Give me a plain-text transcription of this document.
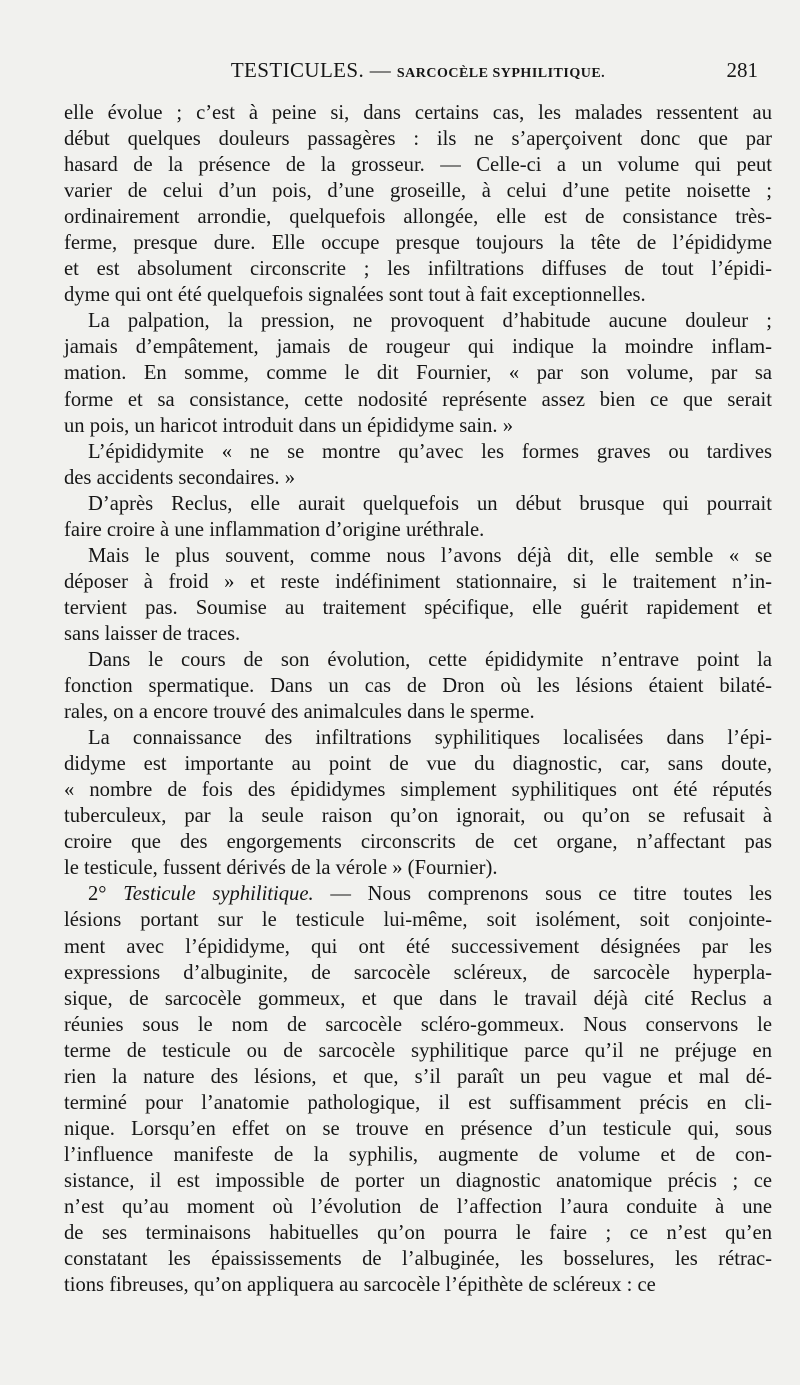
TESTICULES. — SARCOCÈLE SYPHILITIQUE.	281

elle évolue ; c’est à peine si, dans certains cas, les malades ressentent au
début quelques douleurs passagères : ils ne s’aperçoivent donc que par
hasard de la présence de la grosseur. — Celle-ci a un volume qui peut
varier de celui d’un pois, d’une groseille, à celui d’une petite noisette ;
ordinairement arrondie, quelquefois allongée, elle est de consistance très-
ferme, presque dure. Elle occupe presque toujours la tête de l’épididyme
et est absolument circonscrite ; les infiltrations diffuses de tout l’épidi-
dyme qui ont été quelquefois signalées sont tout à fait exceptionnelles.

La palpation, la pression, ne provoquent d’habitude aucune douleur ;
jamais d’empâtement, jamais de rougeur qui indique la moindre inflam-
mation. En somme, comme le dit Fournier, « par son volume, par sa
forme et sa consistance, cette nodosité représente assez bien ce que serait
un pois, un haricot introduit dans un épididyme sain. »

L’épididymite « ne se montre qu’avec les formes graves ou tardives
des accidents secondaires. »

D’après Reclus, elle aurait quelquefois un début brusque qui pourrait
faire croire à une inflammation d’origine uréthrale.

Mais le plus souvent, comme nous l’avons déjà dit, elle semble « se
déposer à froid » et reste indéfiniment stationnaire, si le traitement n’in-
tervient pas. Soumise au traitement spécifique, elle guérit rapidement et
sans laisser de traces.

Dans le cours de son évolution, cette épididymite n’entrave point la
fonction spermatique. Dans un cas de Dron où les lésions étaient bilaté-
rales, on a encore trouvé des animalcules dans le sperme.

La connaissance des infiltrations syphilitiques localisées dans l’épi-
didyme est importante au point de vue du diagnostic, car, sans doute,
« nombre de fois des épididymes simplement syphilitiques ont été réputés
tuberculeux, par la seule raison qu’on ignorait, ou qu’on se refusait à
croire que des engorgements circonscrits de cet organe, n’affectant pas
le testicule, fussent dérivés de la vérole » (Fournier).

2° Testicule syphilitique. — Nous comprenons sous ce titre toutes les
lésions portant sur le testicule lui-même, soit isolément, soit conjointe-
ment avec l’épididyme, qui ont été successivement désignées par les
expressions d’albuginite, de sarcocèle scléreux, de sarcocèle hyperpla-
sique, de sarcocèle gommeux, et que dans le travail déjà cité Reclus a
réunies sous le nom de sarcocèle scléro-gommeux. Nous conservons le
terme de testicule ou de sarcocèle syphilitique parce qu’il ne préjuge en
rien la nature des lésions, et que, s’il paraît un peu vague et mal dé-
terminé pour l’anatomie pathologique, il est suffisamment précis en cli-
nique. Lorsqu’en effet on se trouve en présence d’un testicule qui, sous
l’influence manifeste de la syphilis, augmente de volume et de con-
sistance, il est impossible de porter un diagnostic anatomique précis ; ce
n’est qu’au moment où l’évolution de l’affection l’aura conduite à une
de ses terminaisons habituelles qu’on pourra le faire ; ce n’est qu’en
constatant les épaississements de l’albuginée, les bosselures, les rétrac-
tions fibreuses, qu’on appliquera au sarcocèle l’épithète de scléreux : ce
